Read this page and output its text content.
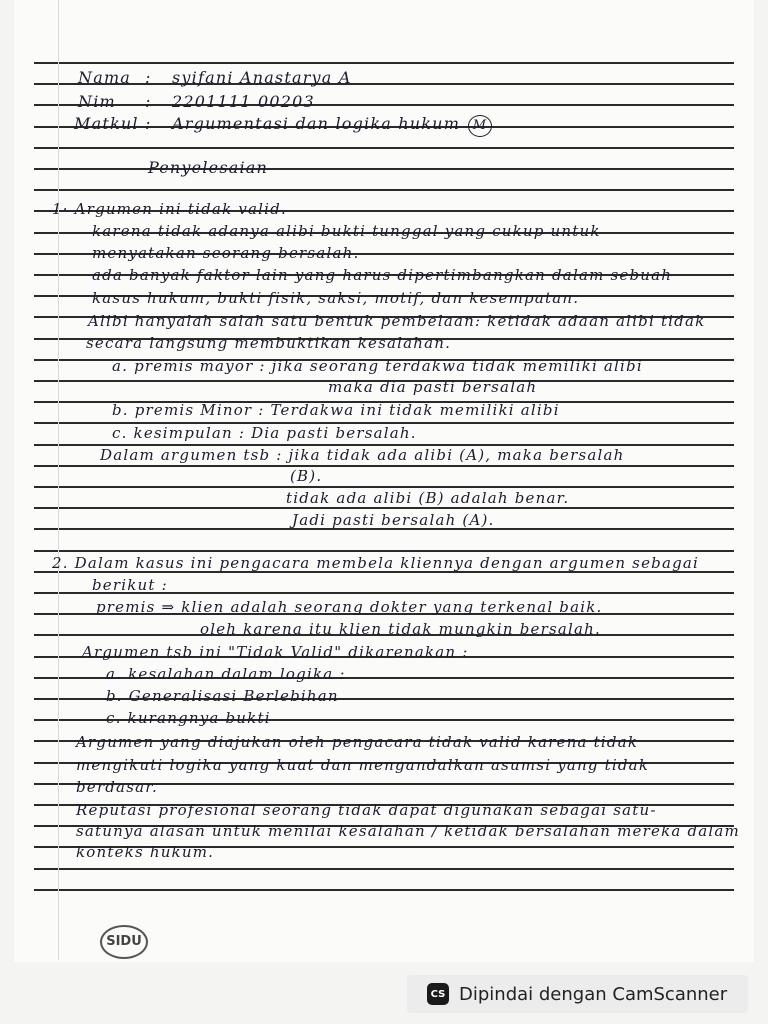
Nama : syifani Anastarya A
Nim : 2201111 00203
Matkul : Argumentasi dan logika hukum M
Penyelesaian
1· Argumen ini tidak valid.
karena tidak adanya alibi bukti tunggal yang cukup untuk
menyatakan seorang bersalah.
ada banyak faktor lain yang harus dipertimbangkan dalam sebuah
kasus hukum, bukti fisik, saksi, motif, dan kesempatan.
Alibi hanyalah salah satu bentuk pembelaan: ketidak adaan alibi tidak
secara langsung membuktikan kesalahan.
a. premis mayor : jika seorang terdakwa tidak memiliki alibi
maka dia pasti bersalah
b. premis Minor : Terdakwa ini tidak memiliki alibi
c. kesimpulan : Dia pasti bersalah.
Dalam argumen tsb : jika tidak ada alibi (A), maka bersalah
(B).
tidak ada alibi (B) adalah benar.
Jadi pasti bersalah (A).
2. Dalam kasus ini pengacara membela kliennya dengan argumen sebagai
berikut :
premis ⇒ klien adalah seorang dokter yang terkenal baik.
oleh karena itu klien tidak mungkin bersalah.
Argumen tsb ini "Tidak Valid" dikarenakan :
a. kesalahan dalam logika :
b. Generalisasi Berlebihan
c. kurangnya bukti
Argumen yang diajukan oleh pengacara tidak valid karena tidak
mengikuti logika yang kuat dan mengandalkan asumsi yang tidak
berdasar.
Reputasi profesional seorang tidak dapat digunakan sebagai satu-
satunya alasan untuk menilai kesalahan / ketidak bersalahan mereka dalam
konteks hukum.
SIDU
CS Dipindai dengan CamScanner
